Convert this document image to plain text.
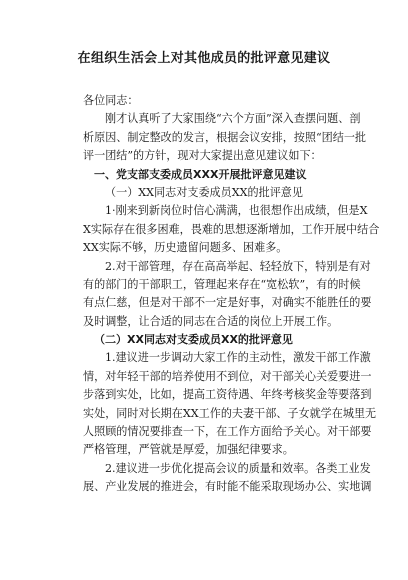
在组织生活会上对其他成员的批评意见建议
各位同志：
刚才认真听了大家围绕“六个方面”深入查摆问题、剖
析原因、制定整改的发言，根据会议安排，按照“团结一批
评一团结”的方针，现对大家提出意见建议如下：
一、党支部支委成员XXX开展批评意见建议
（一）XX同志对支委成员XX的批评意见
1·刚来到新岗位时信心满满，也很想作出成绩，但是X
X实际存在很多困难，畏难的思想逐渐增加，工作开展中结合
XX实际不够，历史遗留问题多、困难多。
2.对干部管理，存在高高举起、轻轻放下，特别是有对
有的部门的干部职工，管理起来存在“宽松软”，有的时候
有点仁慈，但是对干部不一定是好事，对确实不能胜任的要
及时调整，让合适的同志在合适的岗位上开展工作。
（二）XX同志对支委成员XX的批评意见
1.建议进一步调动大家工作的主动性，激发干部工作激
情，对年轻干部的培养使用不到位，对干部关心关爱要进一
步落到实处，比如，提高工资待遇、年终考核奖金等要落到
实处，同时对长期在XX工作的夫妻干部、子女就学在城里无
人照顾的情况要排查一下，在工作方面给予关心。对干部要
严格管理，严管就是厚爱，加强纪律要求。
2.建议进一步优化提高会议的质量和效率。各类工业发
展、产业发展的推进会，有时能不能采取现场办公、实地调
